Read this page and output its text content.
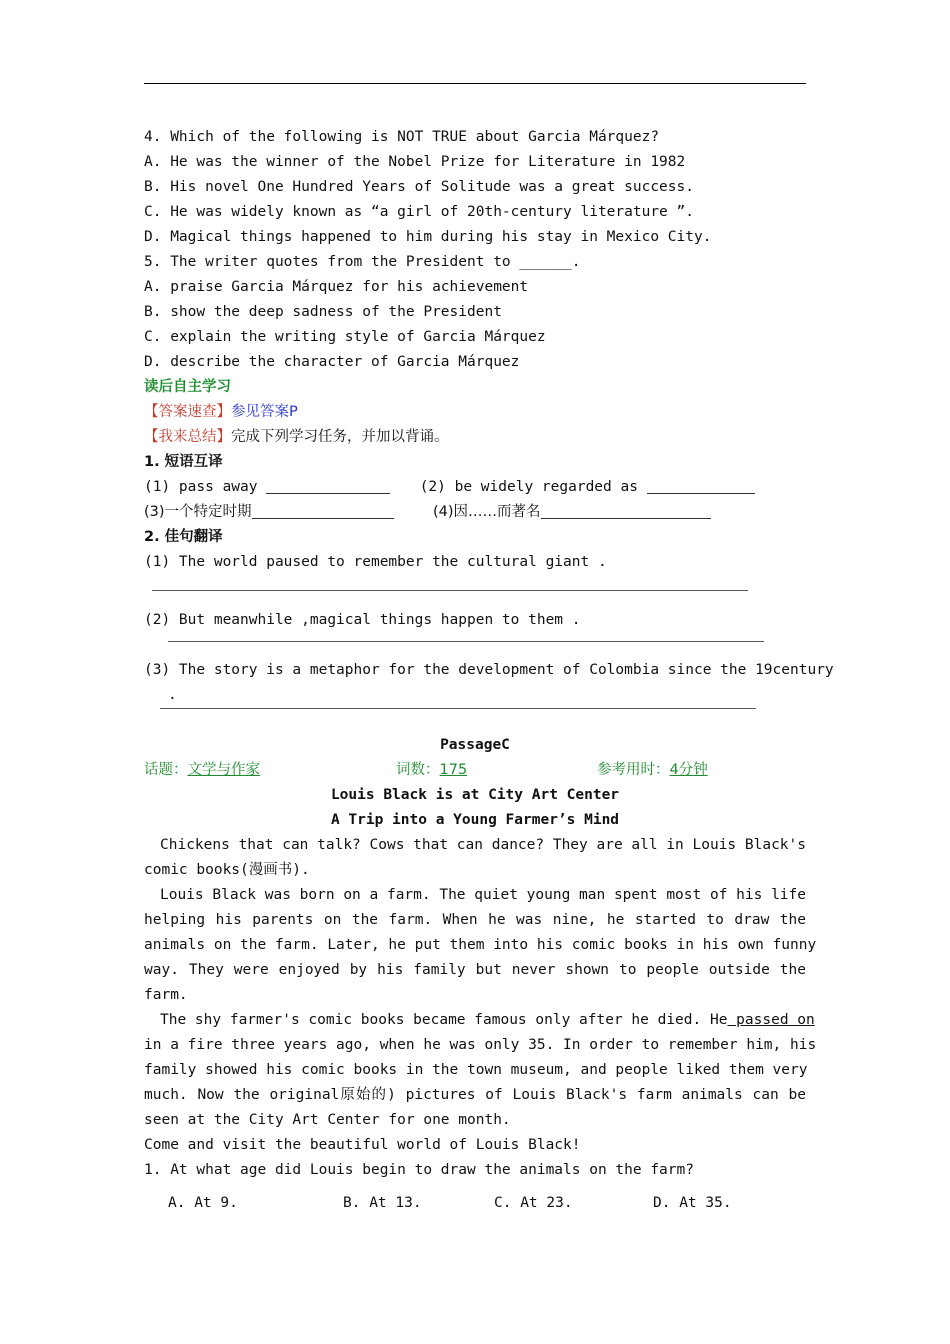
4. Which of the following is NOT TRUE about Garcia Márquez?
A. He was the winner of the Nobel Prize for Literature in 1982
B. His novel One Hundred Years of Solitude was a great success.
C. He was widely known as “a girl of 20th-century literature ”.
D. Magical things happened to him during his stay in Mexico City.
5. The writer quotes from the President to ______.
A. praise Garcia Márquez for his achievement
B. show the deep sadness of the President
C. explain the writing style of Garcia Márquez
D. describe the character of Garcia Márquez
读后自主学习
【答案速查】参见答案P
【我来总结】完成下列学习任务，并加以背诵。
1. 短语互译
(1) pass away	(2) be widely regarded as
(3)一个特定时期	(4)因……而著名
2. 佳句翻译
(1) The world paused to remember the cultural giant .
(2) But meanwhile ,magical things happen to them .
(3) The story is a metaphor for the development of Colombia since the 19century
.
PassageC
话题：文学与作家	词数：175	参考用时：4分钟
Louis Black is at City Art Center
A Trip into a Young Farmer’s Mind
Chickens that can talk? Cows that can dance? They are all in Louis Black's
comic books(漫画书).
Louis Black was born on a farm. The quiet young man spent most of his life
helping his parents on the farm. When he was nine, he started to draw the
animals on the farm. Later, he put them into his comic books in his own funny
way. They were enjoyed by his family but never shown to people outside the
farm.
The shy farmer's comic books became famous only after he died. He passed on
in a fire three years ago, when he was only 35. In order to remember him, his
family showed his comic books in the town museum, and people liked them very
much. Now the original原始的) pictures of Louis Black's farm animals can be
seen at the City Art Center for one month.
Come and visit the beautiful world of Louis Black!
1. At what age did Louis begin to draw the animals on the farm?
A. At 9.	B. At 13.	C. At 23.	D. At 35.
